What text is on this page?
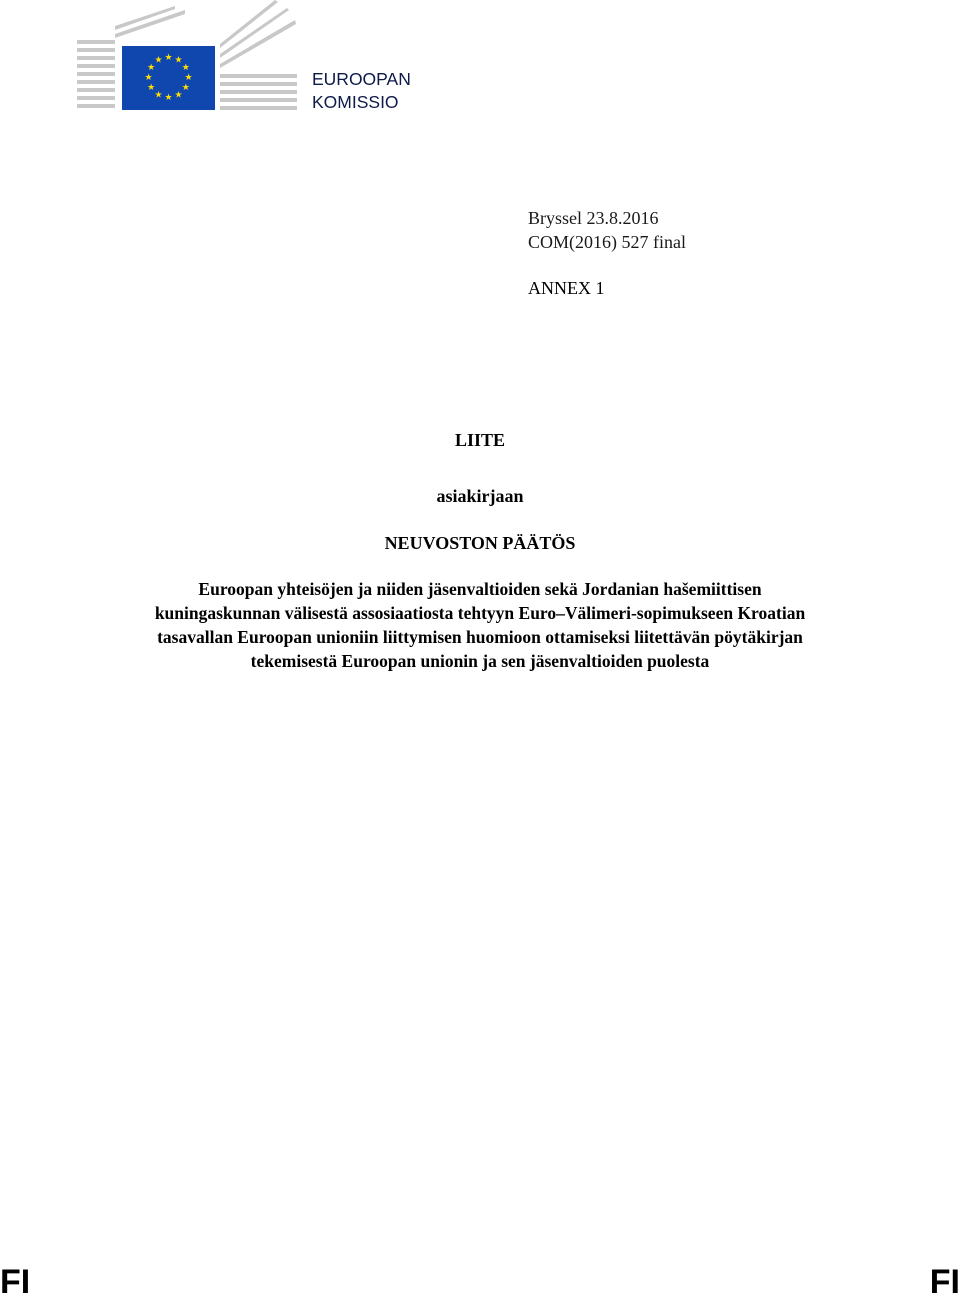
★ ★
★
★
★
★
★
★
★
★
★
★
EUROOPAN
KOMISSIO
Bryssel 23.8.2016
COM(2016) 527 final
ANNEX 1
LIITE
asiakirjaan
NEUVOSTON PÄÄTÖS
Euroopan yhteisöjen ja niiden jäsenvaltioiden sekä Jordanian hašemiittisen
kuningaskunnan välisestä assosiaatiosta tehtyyn Euro–Välimeri-sopimukseen Kroatian
tasavallan Euroopan unioniin liittymisen huomioon ottamiseksi liitettävän pöytäkirjan
tekemisestä Euroopan unionin ja sen jäsenvaltioiden puolesta
FI	FI
